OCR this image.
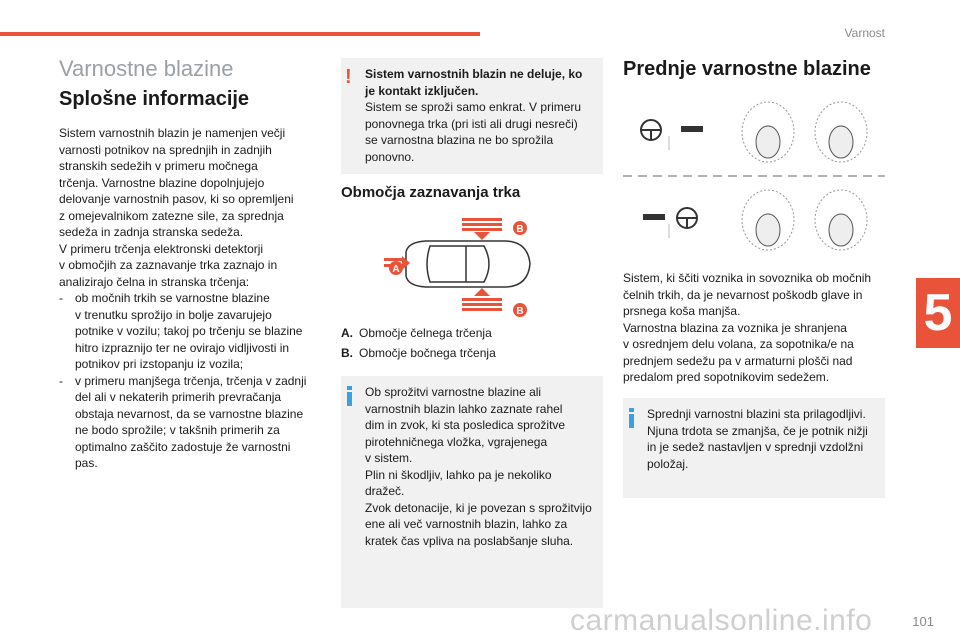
Varnost
5
Varnostne blazine
Splošne informacije
Sistem varnostnih blazin je namenjen večji
varnosti potnikov na sprednjih in zadnjih
stranskih sedežih v primeru močnega
trčenja. Varnostne blazine dopolnjujejo
delovanje varnostnih pasov, ki so opremljeni
z omejevalnikom zatezne sile, za sprednja
sedeža in zadnja stranska sedeža.
V primeru trčenja elektronski detektorji
v območjih za zaznavanje trka zaznajo in
analizirajo čelna in stranska trčenja:
- ob močnih trkih se varnostne blazine
v trenutku sprožijo in bolje zavarujejo
potnike v vozilu; takoj po trčenju se blazine
hitro izpraznijo ter ne ovirajo vidljivosti in
potnikov pri izstopanju iz vozila;
- v primeru manjšega trčenja, trčenja v zadnji
del ali v nekaterih primerih prevračanja
obstaja nevarnost, da se varnostne blazine
ne bodo sprožile; v takšnih primerih za
optimalno zaščito zadostuje že varnostni
pas.
! Sistem varnostnih blazin ne deluje, ko
je kontakt izključen.
Sistem se sproži samo enkrat. V primeru
ponovnega trka (pri isti ali drugi nesreči)
se varnostna blazina ne bo sprožila
ponovno.
Območja zaznavanja trka
A
B
B
A. Območje čelnega trčenja
B. Območje bočnega trčenja
Ob sprožitvi varnostne blazine ali
varnostnih blazin lahko zaznate rahel
dim in zvok, ki sta posledica sprožitve
pirotehničnega vložka, vgrajenega
v sistem.
Plin ni škodljiv, lahko pa je nekoliko
dražeč.
Zvok detonacije, ki je povezan s sprožitvijo
ene ali več varnostnih blazin, lahko za
kratek čas vpliva na poslabšanje sluha.
Prednje varnostne blazine
Sistem, ki ščiti voznika in sovoznika ob močnih
čelnih trkih, da je nevarnost poškodb glave in
prsnega koša manjša.
Varnostna blazina za voznika je shranjena
v osrednjem delu volana, za sopotnika/e na
prednjem sedežu pa v armaturni plošči nad
predalom pred sopotnikovim sedežem.
Sprednji varnostni blazini sta prilagodljivi.
Njuna trdota se zmanjša, če je potnik nižji
in je sedež nastavljen v sprednji vzdolžni
položaj.
carmanualsonline.info	101
